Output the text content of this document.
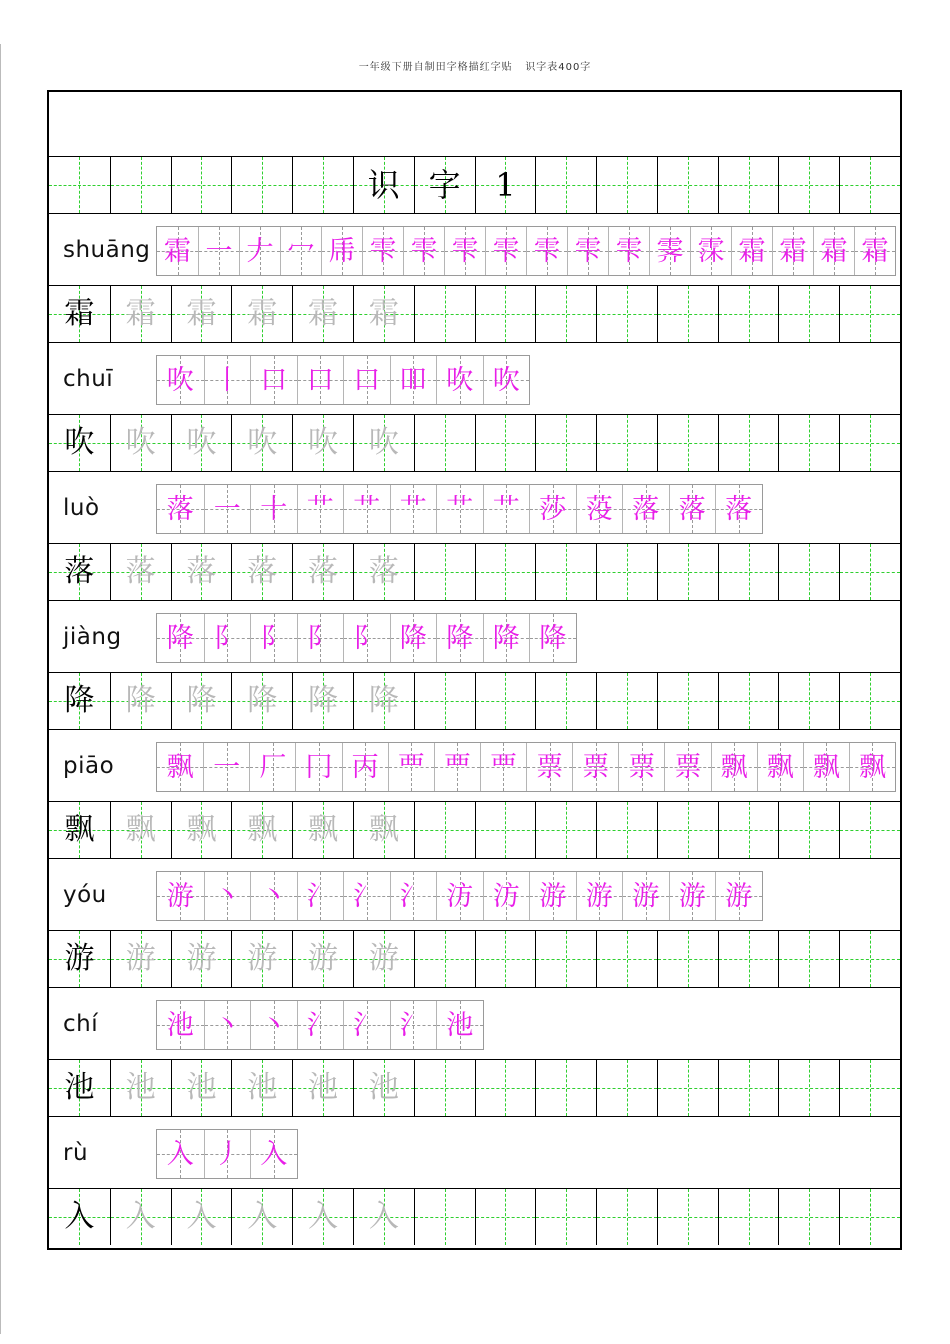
一年级下册自制田字格描红字贴   识字表400字
识 字	1
shuāng 霜 一 𠂇 冖 乕 雫 雫 雫 雫 雫 雫 雫 霁 霂 霜 霜 霜 霜
霜	霜	霜	霜	霜	霜
chuī	吹 丨 口 口 口 吅 吹 吹
吹	吹	吹	吹	吹	吹
luò	落 一 十 艹 艹 艹 艹 艹 莎 莈 落 落 落
落	落	落	落	落	落
jiàng	降 阝 阝 阝 阝 降 降 降 降
降	降	降	降	降	降
piāo	飘 一 厂 冂 丙 覀 覀 覀 票 票 票 票 飘 飘 飘 飘
飘	飘	飘	飘	飘	飘
yóu	游 丶 丶 氵 氵 氵 汸 汸 游 游 游 游 游
游	游	游	游	游	游
chí	池 丶 丶 氵 氵 氵 池
池	池	池	池	池	池
rù	入 丿 入
入	入	入	入	入	入
